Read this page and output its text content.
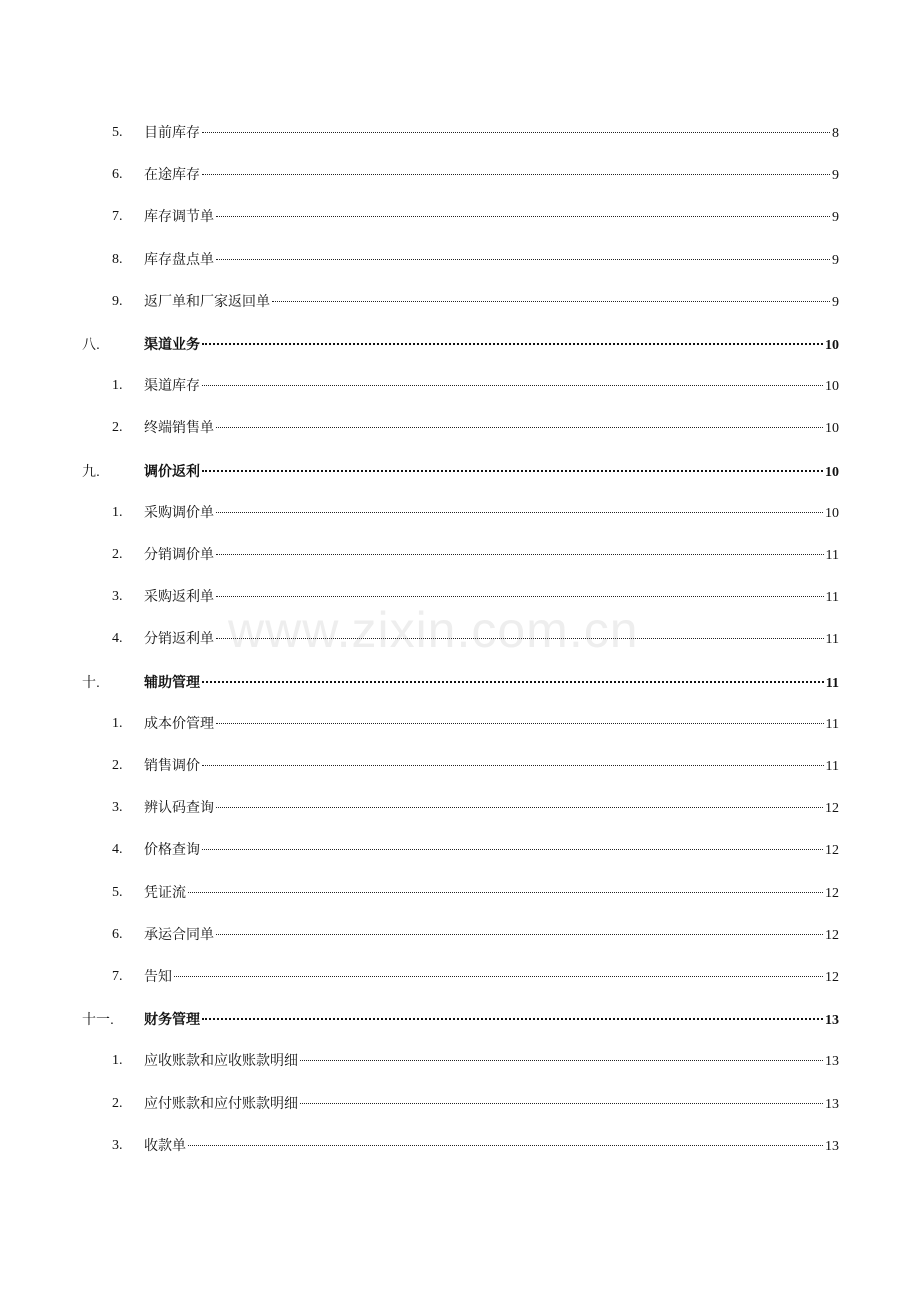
5. 目前库存	8
6. 在途库存	9
7. 库存调节单	9
8. 库存盘点单	9
9. 返厂单和厂家返回单	9
八.	渠道业务	10
1. 渠道库存	10
2. 终端销售单	10
九.	调价返利	10
1. 采购调价单	10
2. 分销调价单	11
3. 采购返利单	11
4. 分销返利单	11
十.	辅助管理	11
1. 成本价管理	11
2. 销售调价	11
3. 辨认码查询	12
4. 价格查询	12
5. 凭证流	12
6. 承运合同单	12
7. 告知	12
十一. 财务管理	13
1. 应收账款和应收账款明细	13
2. 应付账款和应付账款明细	13
3. 收款单	13
www.zixin.com.cn
